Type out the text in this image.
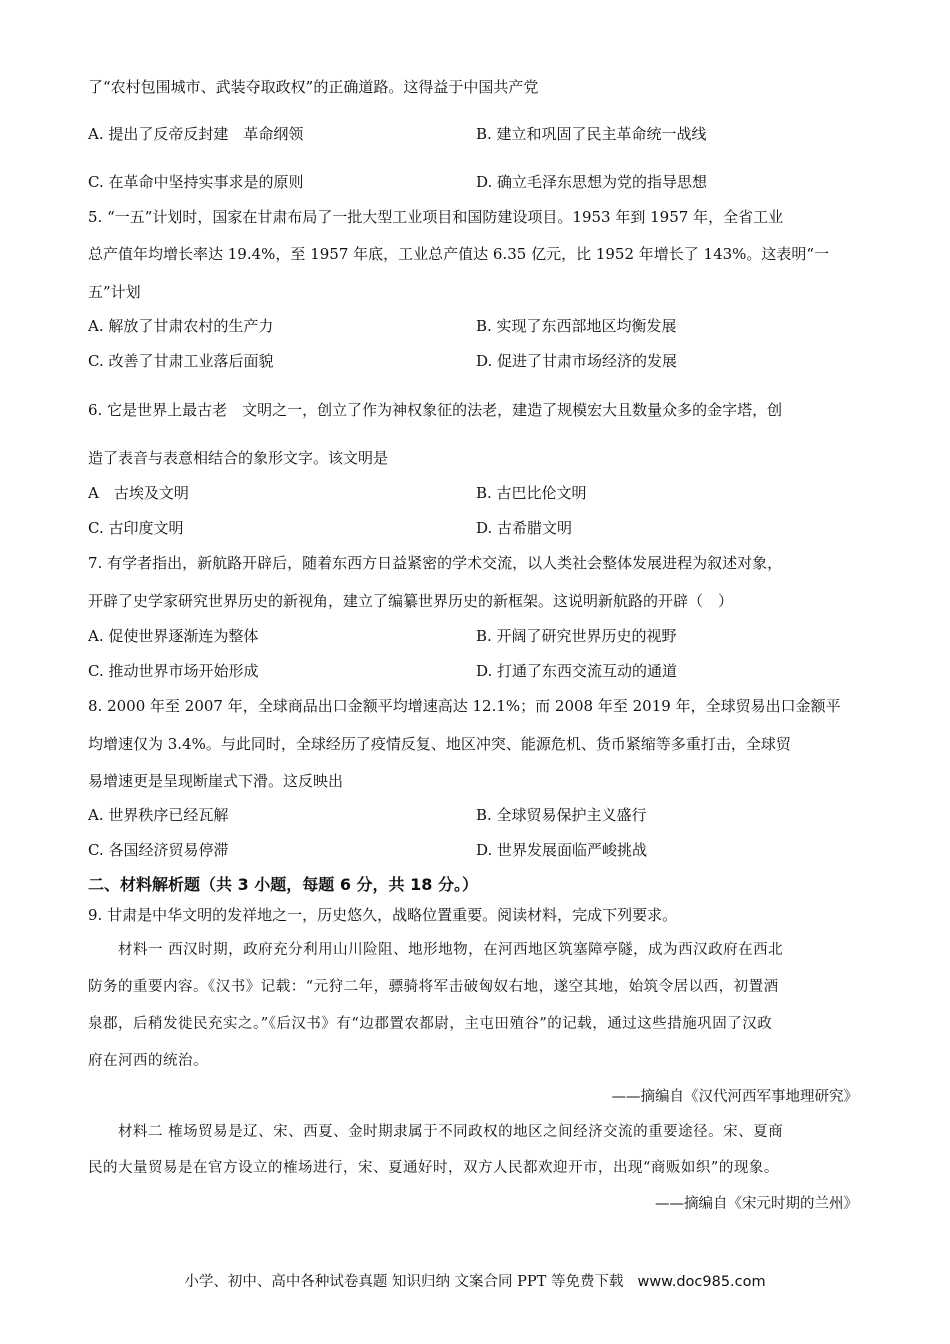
了“农村包围城市、武装夺取政权”的正确道路。这得益于中国共产党
A. 提出了反帝反封建　革命纲领	B. 建立和巩固了民主革命统一战线
C. 在革命中坚持实事求是的原则	D. 确立毛泽东思想为党的指导思想
5. “一五”计划时，国家在甘肃布局了一批大型工业项目和国防建设项目。1953 年到 1957 年，全省工业
总产值年均增长率达 19.4%，至 1957 年底，工业总产值达 6.35 亿元，比 1952 年增长了 143%。这表明“一
五”计划
A. 解放了甘肃农村的生产力	B. 实现了东西部地区均衡发展
C. 改善了甘肃工业落后面貌	D. 促进了甘肃市场经济的发展
6. 它是世界上最古老　文明之一，创立了作为神权象征的法老，建造了规模宏大且数量众多的金字塔，创
造了表音与表意相结合的象形文字。该文明是
A　古埃及文明	B. 古巴比伦文明
C. 古印度文明	D. 古希腊文明
7. 有学者指出，新航路开辟后，随着东西方日益紧密的学术交流，以人类社会整体发展进程为叙述对象，
开辟了史学家研究世界历史的新视角，建立了编纂世界历史的新框架。这说明新航路的开辟（　）
A. 促使世界逐渐连为整体	B. 开阔了研究世界历史的视野
C. 推动世界市场开始形成	D. 打通了东西交流互动的通道
8. 2000 年至 2007 年，全球商品出口金额平均增速高达 12.1%；而 2008 年至 2019 年，全球贸易出口金额平
均增速仅为 3.4%。与此同时，全球经历了疫情反复、地区冲突、能源危机、货币紧缩等多重打击，全球贸
易增速更是呈现断崖式下滑。这反映出
A. 世界秩序已经瓦解	B. 全球贸易保护主义盛行
C. 各国经济贸易停滞	D. 世界发展面临严峻挑战
二、材料解析题（共 3 小题，每题 6 分，共 18 分。）
9. 甘肃是中华文明的发祥地之一，历史悠久，战略位置重要。阅读材料，完成下列要求。
材料一 西汉时期，政府充分利用山川险阻、地形地物，在河西地区筑塞障亭隧，成为西汉政府在西北
防务的重要内容。《汉书》记载：“元狩二年，骠骑将军击破匈奴右地，遂空其地，始筑令居以西，初置酒
泉郡，后稍发徙民充实之。”《后汉书》有“边郡置农都尉，主屯田殖谷”的记载，通过这些措施巩固了汉政
府在河西的统治。
——摘编自《汉代河西军事地理研究》
材料二 榷场贸易是辽、宋、西夏、金时期隶属于不同政权的地区之间经济交流的重要途径。宋、夏商
民的大量贸易是在官方设立的榷场进行，宋、夏通好时，双方人民都欢迎开市，出现“商贩如织”的现象。
——摘编自《宋元时期的兰州》
小学、初中、高中各种试卷真题 知识归纳 文案合同 PPT 等免费下载 www.doc985.com
